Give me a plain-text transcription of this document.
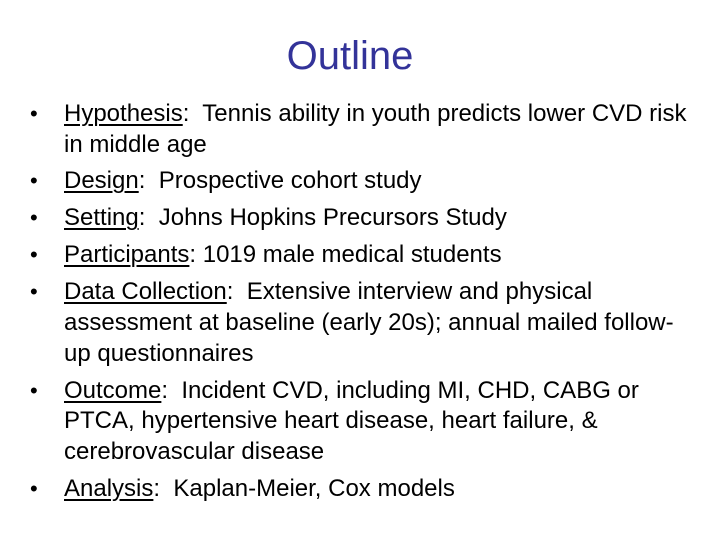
Outline
• Hypothesis:  Tennis ability in youth predicts lower CVD risk in middle age
• Design:  Prospective cohort study
• Setting:  Johns Hopkins Precursors Study
• Participants: 1019 male medical students
• Data Collection:  Extensive interview and physical assessment at baseline (early 20s); annual mailed follow-up questionnaires
• Outcome:  Incident CVD, including MI, CHD, CABG or PTCA, hypertensive heart disease, heart failure, & cerebrovascular disease
• Analysis:  Kaplan-Meier, Cox models
